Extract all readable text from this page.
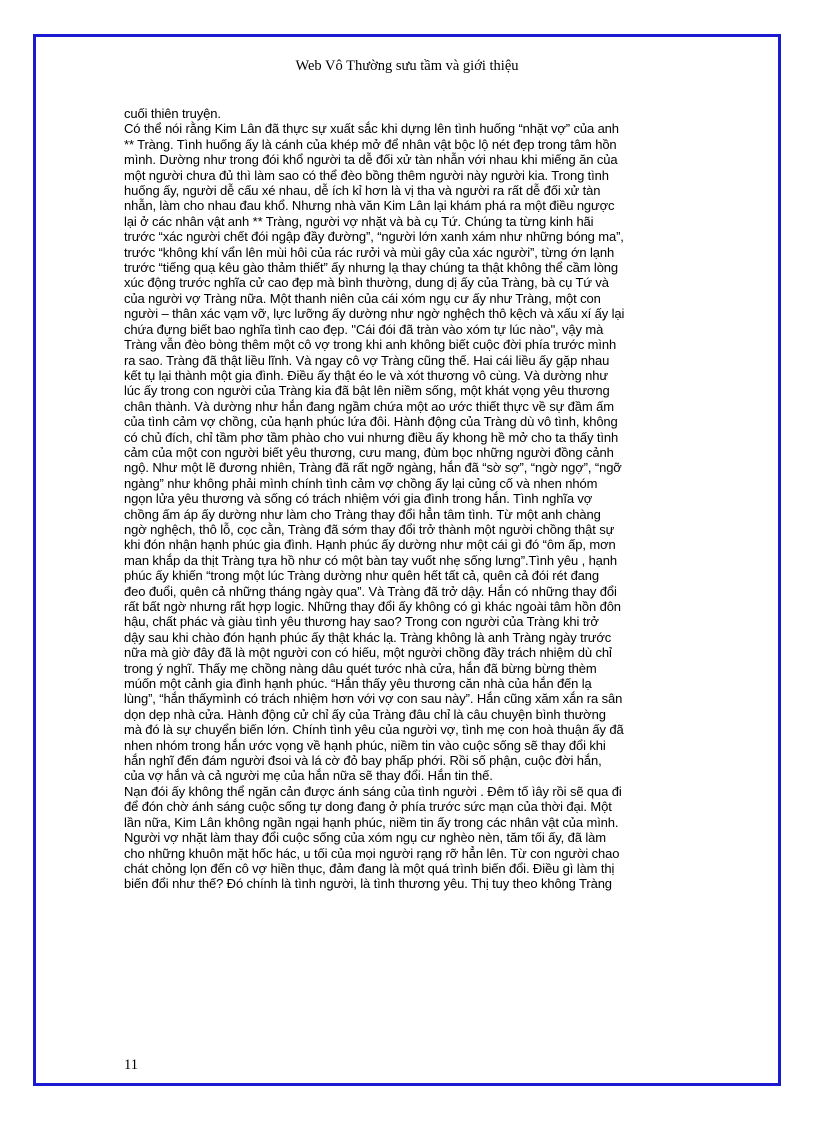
Web Vô Thường sưu tầm và giới thiệu
cuối thiên truyện.
Có thể nói rằng Kim Lân đã thực sự xuất sắc khi dựng lên tình huống “nhặt vợ” của anh
** Tràng. Tình huống ấy là cánh của khép mở để nhân vật bộc lộ nét đẹp trong tâm hồn
mình. Dường như trong đói khổ người ta dễ đối xử tàn nhẫn với nhau khi miếng ăn của
một người chưa đủ thì làm sao có thể đèo bồng thêm người này người kia. Trong tình
huống ấy, người dễ cấu xé nhau, dễ ích kỉ hơn là vị tha và người ra rất dễ đối xử tàn
nhẫn, làm cho nhau đau khổ. Nhưng nhà văn Kim Lân lại khám phá ra một điều ngược
lại ở các nhân vật anh ** Tràng, người vợ nhặt và bà cụ Tứ. Chúng ta từng kinh hãi
trước “xác người chết đói ngập đầy đường”, “người lớn xanh xám như những bóng ma”,
trước “không khí vẩn lên mùi hôi của rác rưởi và mùi gây của xác người”, từng ớn lạnh
trước “tiếng quạ kêu gào thảm thiết” ấy nhưng lạ thay chúng ta thật không thể cầm lòng
xúc động trước nghĩa cử cao đẹp mà bình thường, dung dị ấy của Tràng, bà cụ Tứ và
của người vợ Tràng nữa. Một thanh niên của cái xóm ngụ cư ấy như Tràng, một con
người – thân xác vạm vỡ, lực lưỡng ấy dường như ngờ nghệch thô kệch và xấu xí ấy lại
chứa đựng biết bao nghĩa tình cao đẹp. "Cái đói đã tràn vào xóm tự lúc nào", vậy mà
Tràng vẫn đèo bòng thêm một cô vợ trong khi anh không biết cuộc đời phía trước mình
ra sao. Tràng đã thật liều lĩnh. Và ngay cô vợ Tràng cũng thế. Hai cái liều ấy gặp nhau
kết tụ lại thành một gia đình. Điều ấy thật éo le và xót thương vô cùng. Và dường như
lúc ấy trong con người của Tràng kia đã bật lên niềm sống, một khát vọng yêu thương
chân thành. Và dường như hắn đang ngầm chứa một ao ước thiết thực về sự đầm ấm
của tình cảm vợ chồng, của hạnh phúc lứa đôi. Hành động của Tràng dù vô tình, không
có chủ đích, chỉ tầm phơ tầm phào cho vui nhưng điều ấy khong hề mở cho ta thấy tình
cảm của một con người biết yêu thương, cưu mang, đùm bọc những người đồng cảnh
ngộ. Như một lẽ đương nhiên, Tràng đã rất ngỡ ngàng, hắn đã “sờ sợ”, “ngờ ngợ”, “ngỡ
ngàng” như không phải mình chính tình cảm vợ chồng ấy lại củng cố và nhen nhóm
ngọn lửa yêu thương và sống có trách nhiệm với gia đình trong hắn. Tình nghĩa vợ
chồng ấm áp ấy dường như làm cho Tràng thay đổi hẳn tâm tình. Từ một anh chàng
ngờ nghệch, thô lỗ, cọc cằn, Tràng đã sớm thay đổi trở thành một người chồng thật sự
khi đón nhận hạnh phúc gia đình. Hạnh phúc ấy dường như một cái gì đó “ôm ấp, mơn
man khắp da thịt Tràng tựa hồ như có một bàn tay vuốt nhẹ sống lưng”.Tình yêu , hạnh
phúc ấy khiến “trong một lúc Tràng dường như quên hết tất cả, quên cả đói rét đang
đeo đuổi, quên cả những tháng ngày qua”. Và Tràng đã trở dậy. Hắn có những thay đổi
rất bất ngờ nhưng rất hợp logic. Những thay đổi ấy không có gì khác ngoài tâm hồn đôn
hậu, chất phác và giàu tình yêu thương hay sao? Trong con người của Tràng khi trở
dậy sau khi chào đón hạnh phúc ấy thật khác lạ. Tràng không là anh Tràng ngày trước
nữa mà giờ đây đã là một người con có hiếu, một người chồng đầy trách nhiệm dù chỉ
trong ý nghĩ. Thấy mẹ chồng nàng dâu quét tước nhà cửa, hắn đã bừng bừng thèm
múốn một cảnh gia đình hạnh phúc. “Hắn thấy yêu thương căn nhà của hắn đến lạ
lùng”, “hắn thấymình có trách nhiệm hơn với vợ con sau này”. Hắn cũng xăm xắn ra sân
dọn dẹp nhà cửa. Hành động cử chỉ ấy của Tràng đâu chỉ là câu chuyện bình thường
mà đó là sự chuyển biến lớn. Chính tình yêu của người vợ, tình mẹ con hoà thuận ấy đã
nhen nhóm trong hắn ước vọng về hạnh phúc, niềm tin vào cuộc sống sẽ thay đổi khi
hắn nghĩ đến đám người đsoi và lá cờ đỏ bay phấp phới. Rồi số phận, cuộc đời hắn,
của vợ hắn và cả người mẹ của hắn nữa sẽ thay đổi. Hắn tin thế.
Nạn đói ấy không thể ngăn cản được ánh sáng của tình người . Đêm tố ìây rồi sẽ qua đi
để đón chờ ánh sáng cuộc sống tự dong đang ở phía trước sức mạn của thời đại. Một
lần nữa, Kim Lân không ngần ngại hạnh phúc, niềm tin ấy trong các nhân vật của mình.
Người vợ nhặt làm thay đổi cuộc sống của xóm ngụ cư nghèo nèn, tăm tối ấy, đã làm
cho những khuôn mặt hốc hác, u tối của mọi người rạng rỡ hẳn lên. Từ con người chao
chát chỏng lọn đến cô vợ hiền thục, đảm đang là một quá trình biến đổi. Điều gì làm thị
biến đổi như thế? Đó chính là tình người, là tình thương yêu. Thị tuy theo không Tràng
11
